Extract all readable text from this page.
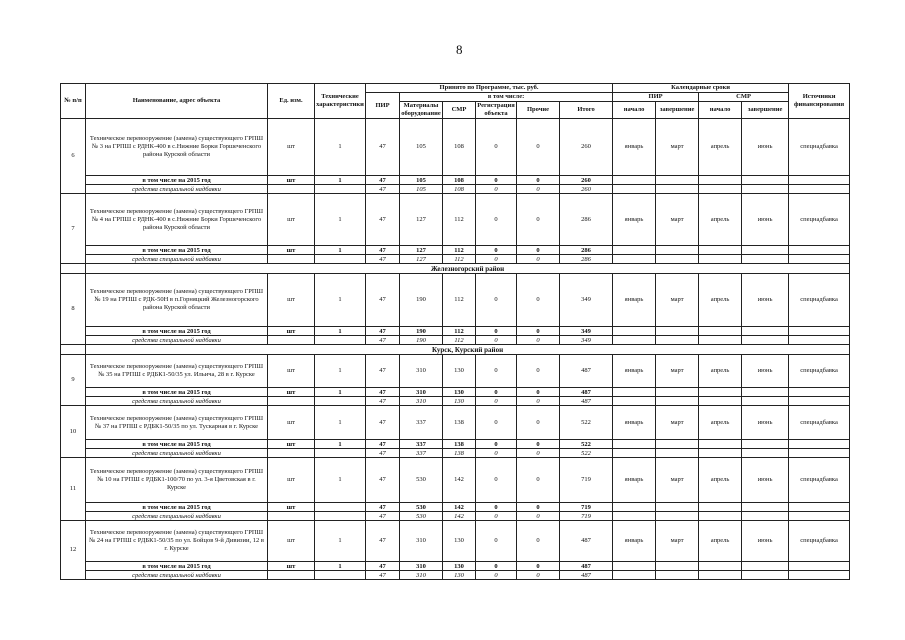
8
№ п/п	Наименование, адрес объекта	Ед. изм.	Технические характеристики	Принято по Программе, тыс. руб.						Календарные сроки				Источники финансирования
				ПИР	в том числе:					ПИР		СМР		
					Материалы оборудование	СМР	Регистрация объекта	Прочие	Итого	начало	завершение	начало	завершение	
6	Техническое перевооружение (замена) существующего ГРПШ № 3 на ГРПШ с РДНК-400 в с.Нижние Борки Горшеченского района Курской области	шт	1	47	105	108	0	0	260	январь	март	апрель	июнь	спецнадбавка
	в том числе на 2015 год	шт	1	47	105	108	0	0	260					
	средства специальной надбавки			47	105	108	0	0	260					
7	Техническое перевооружение (замена) существующего ГРПШ № 4 на ГРПШ с РДНК-400 в с.Нижние Борки Горшеченского района Курской области	шт	1	47	127	112	0	0	286	январь	март	апрель	июнь	спецнадбавка
	в том числе на 2015 год	шт	1	47	127	112	0	0	286					
	средства специальной надбавки			47	127	112	0	0	286					
	Железногорский район													
8	Техническое перевооружение (замена) существующего ГРПШ № 19 на ГРПШ с РДК-50Н в п.Горняцкий Железногорского района Курской области	шт	1	47	190	112	0	0	349	январь	март	апрель	июнь	спецнадбавка
	в том числе на 2015 год	шт	1	47	190	112	0	0	349					
	средства специальной надбавки			47	190	112	0	0	349					
	Курск, Курский район													
9	Техническое перевооружение (замена) существующего ГРПШ № 35 на ГРПШ с РДБК1-50/35 ул. Ильича, 28 в г. Курске	шт	1	47	310	130	0	0	487	январь	март	апрель	июнь	спецнадбавка
	в том числе на 2015 год	шт	1	47	310	130	0	0	487					
	средства специальной надбавки			47	310	130	0	0	487					
10	Техническое перевооружение (замена) существующего ГРПШ № 37 на ГРПШ с РДБК1-50/35 по ул. Тускарная в г. Курске	шт	1	47	337	138	0	0	522	январь	март	апрель	июнь	спецнадбавка
	в том числе на 2015 год	шт	1	47	337	138	0	0	522					
	средства специальной надбавки			47	337	138	0	0	522					
11	Техническое перевооружение (замена) существующего ГРПШ № 10 на ГРПШ с РДБК1-100/70 по ул. 3-я Цветовская в г. Курске	шт	1	47	530	142	0	0	719	январь	март	апрель	июнь	спецнадбавка
	в том числе на 2015 год	шт		47	530	142	0	0	719					
	средства специальной надбавки			47	530	142	0	0	719					
12	Техническое перевооружение (замена) существующего ГРПШ № 24 на ГРПШ с РДБК1-50/35 по ул. Бойцов 9-й Дивизии, 12 в г. Курске	шт	1	47	310	130	0	0	487	январь	март	апрель	июнь	спецнадбавка
	в том числе на 2015 год	шт	1	47	310	130	0	0	487					
	средства специальной надбавки			47	310	130	0	0	487					
